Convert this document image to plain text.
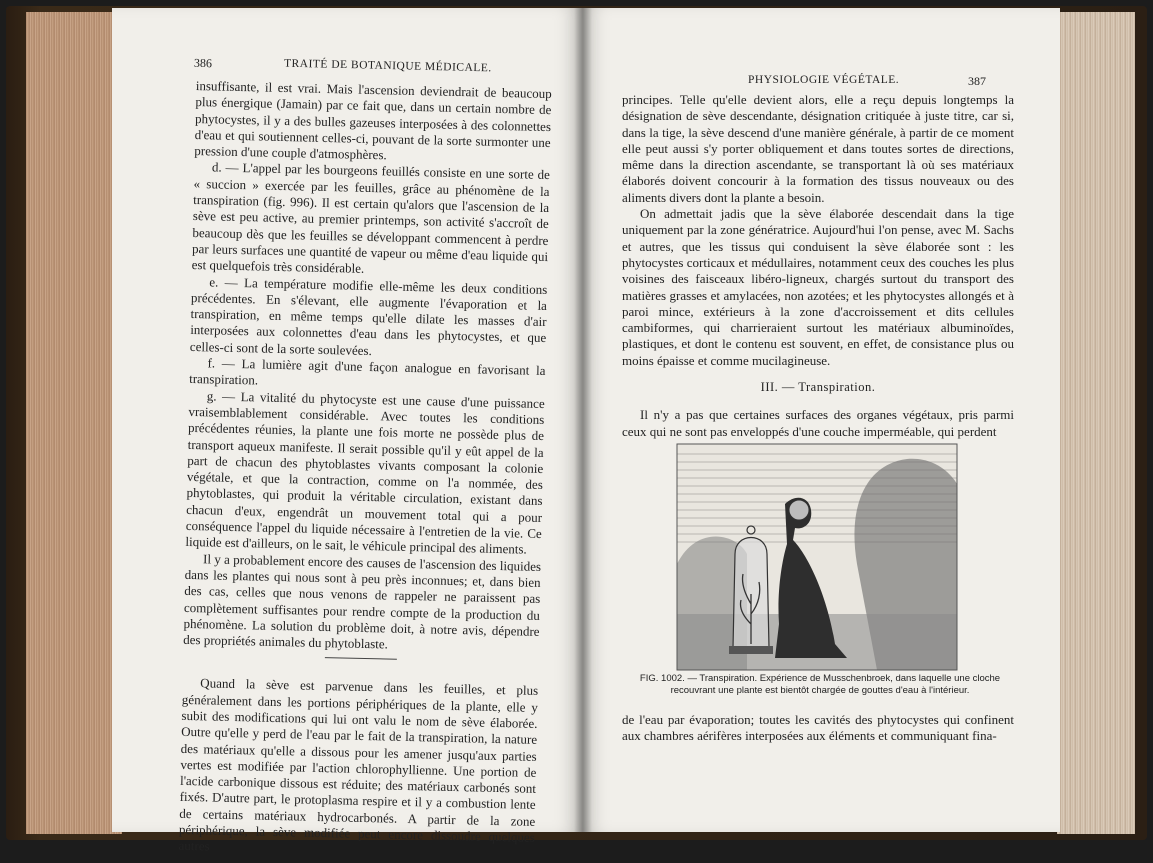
386	TRAITÉ DE BOTANIQUE MÉDICALE.

insuffisante, il est vrai. Mais l'ascension deviendrait de beaucoup plus énergique (Jamain) par ce fait que, dans un certain nombre de phytocystes, il y a des bulles gazeuses interposées à des colonnettes d'eau et qui soutiennent celles-ci, pouvant de la sorte surmonter une pression d'une couple d'atmosphères.

d. — L'appel par les bourgeons feuillés consiste en une sorte de « succion » exercée par les feuilles, grâce au phénomène de la transpiration (fig. 996). Il est certain qu'alors que l'ascension de la sève est peu active, au premier printemps, son activité s'accroît de beaucoup dès que les feuilles se développant commencent à perdre par leurs surfaces une quantité de vapeur ou même d'eau liquide qui est quelquefois très considérable.

e. — La température modifie elle-même les deux conditions précédentes. En s'élevant, elle augmente l'évaporation et la transpiration, en même temps qu'elle dilate les masses d'air interposées aux colonnettes d'eau dans les phytocystes, et que celles-ci sont de la sorte soulevées.

f. — La lumière agit d'une façon analogue en favorisant la transpiration.

g. — La vitalité du phytocyste est une cause d'une puissance vraisemblablement considérable. Avec toutes les conditions précédentes réunies, la plante une fois morte ne possède plus de transport aqueux manifeste. Il serait possible qu'il y eût appel de la part de chacun des phytoblastes vivants composant la colonie végétale, et que la contraction, comme on l'a nommée, des phytoblastes, qui produit la véritable circulation, existant dans chacun d'eux, engendrât un mouvement total qui a pour conséquence l'appel du liquide nécessaire à l'entretien de la vie. Ce liquide est d'ailleurs, on le sait, le véhicule principal des aliments.

Il y a probablement encore des causes de l'ascension des liquides dans les plantes qui nous sont à peu près inconnues; et, dans bien des cas, celles que nous venons de rappeler ne paraissent pas complètement suffisantes pour rendre compte de la production du phénomène. La solution du problème doit, à notre avis, dépendre des propriétés animales du phytoblaste.

Quand la sève est parvenue dans les feuilles, et plus généralement dans les portions périphériques de la plante, elle y subit des modifications qui lui ont valu le nom de sève élaborée. Outre qu'elle y perd de l'eau par le fait de la transpiration, la nature des matériaux qu'elle a dissous pour les amener jusqu'aux parties vertes est modifiée par l'action chlorophyllienne. Une portion de l'acide carbonique dissous est réduite; des matériaux carbonés sont fixés. D'autre part, le protoplasma respire et il y a combustion lente de certains matériaux hydrocarbonés. A partir de la zone périphérique, la sève modifiée peut encore dissoudre quelques autres

PHYSIOLOGIE VÉGÉTALE.	387

principes. Telle qu'elle devient alors, elle a reçu depuis longtemps la désignation de sève descendante, désignation critiquée à juste titre, car si, dans la tige, la sève descend d'une manière générale, à partir de ce moment elle peut aussi s'y porter obliquement et dans toutes sortes de directions, même dans la direction ascendante, se transportant là où ses matériaux élaborés doivent concourir à la formation des tissus nouveaux ou des aliments divers dont la plante a besoin.

On admettait jadis que la sève élaborée descendait dans la tige uniquement par la zone génératrice. Aujourd'hui l'on pense, avec M. Sachs et autres, que les tissus qui conduisent la sève élaborée sont : les phytocystes corticaux et médullaires, notamment ceux des couches les plus voisines des faisceaux libéro-ligneux, chargés surtout du transport des matières grasses et amylacées, non azotées; et les phytocystes allongés et à paroi mince, extérieurs à la zone d'accroissement et dits cellules cambiformes, qui charrieraient surtout les matériaux albuminoïdes, plastiques, et dont le contenu est souvent, en effet, de consistance plus ou moins épaisse et comme mucilagineuse.

III. — Transpiration.

Il n'y a pas que certaines surfaces des organes végétaux, pris parmi ceux qui ne sont pas enveloppés d'une couche imperméable, qui perdent

FIG. 1002. — Transpiration. Expérience de Musschenbroek, dans laquelle une cloche recouvrant une plante est bientôt chargée de gouttes d'eau à l'intérieur.

de l'eau par évaporation; toutes les cavités des phytocystes qui confinent aux chambres aérifères interposées aux éléments et communiquant fina-
